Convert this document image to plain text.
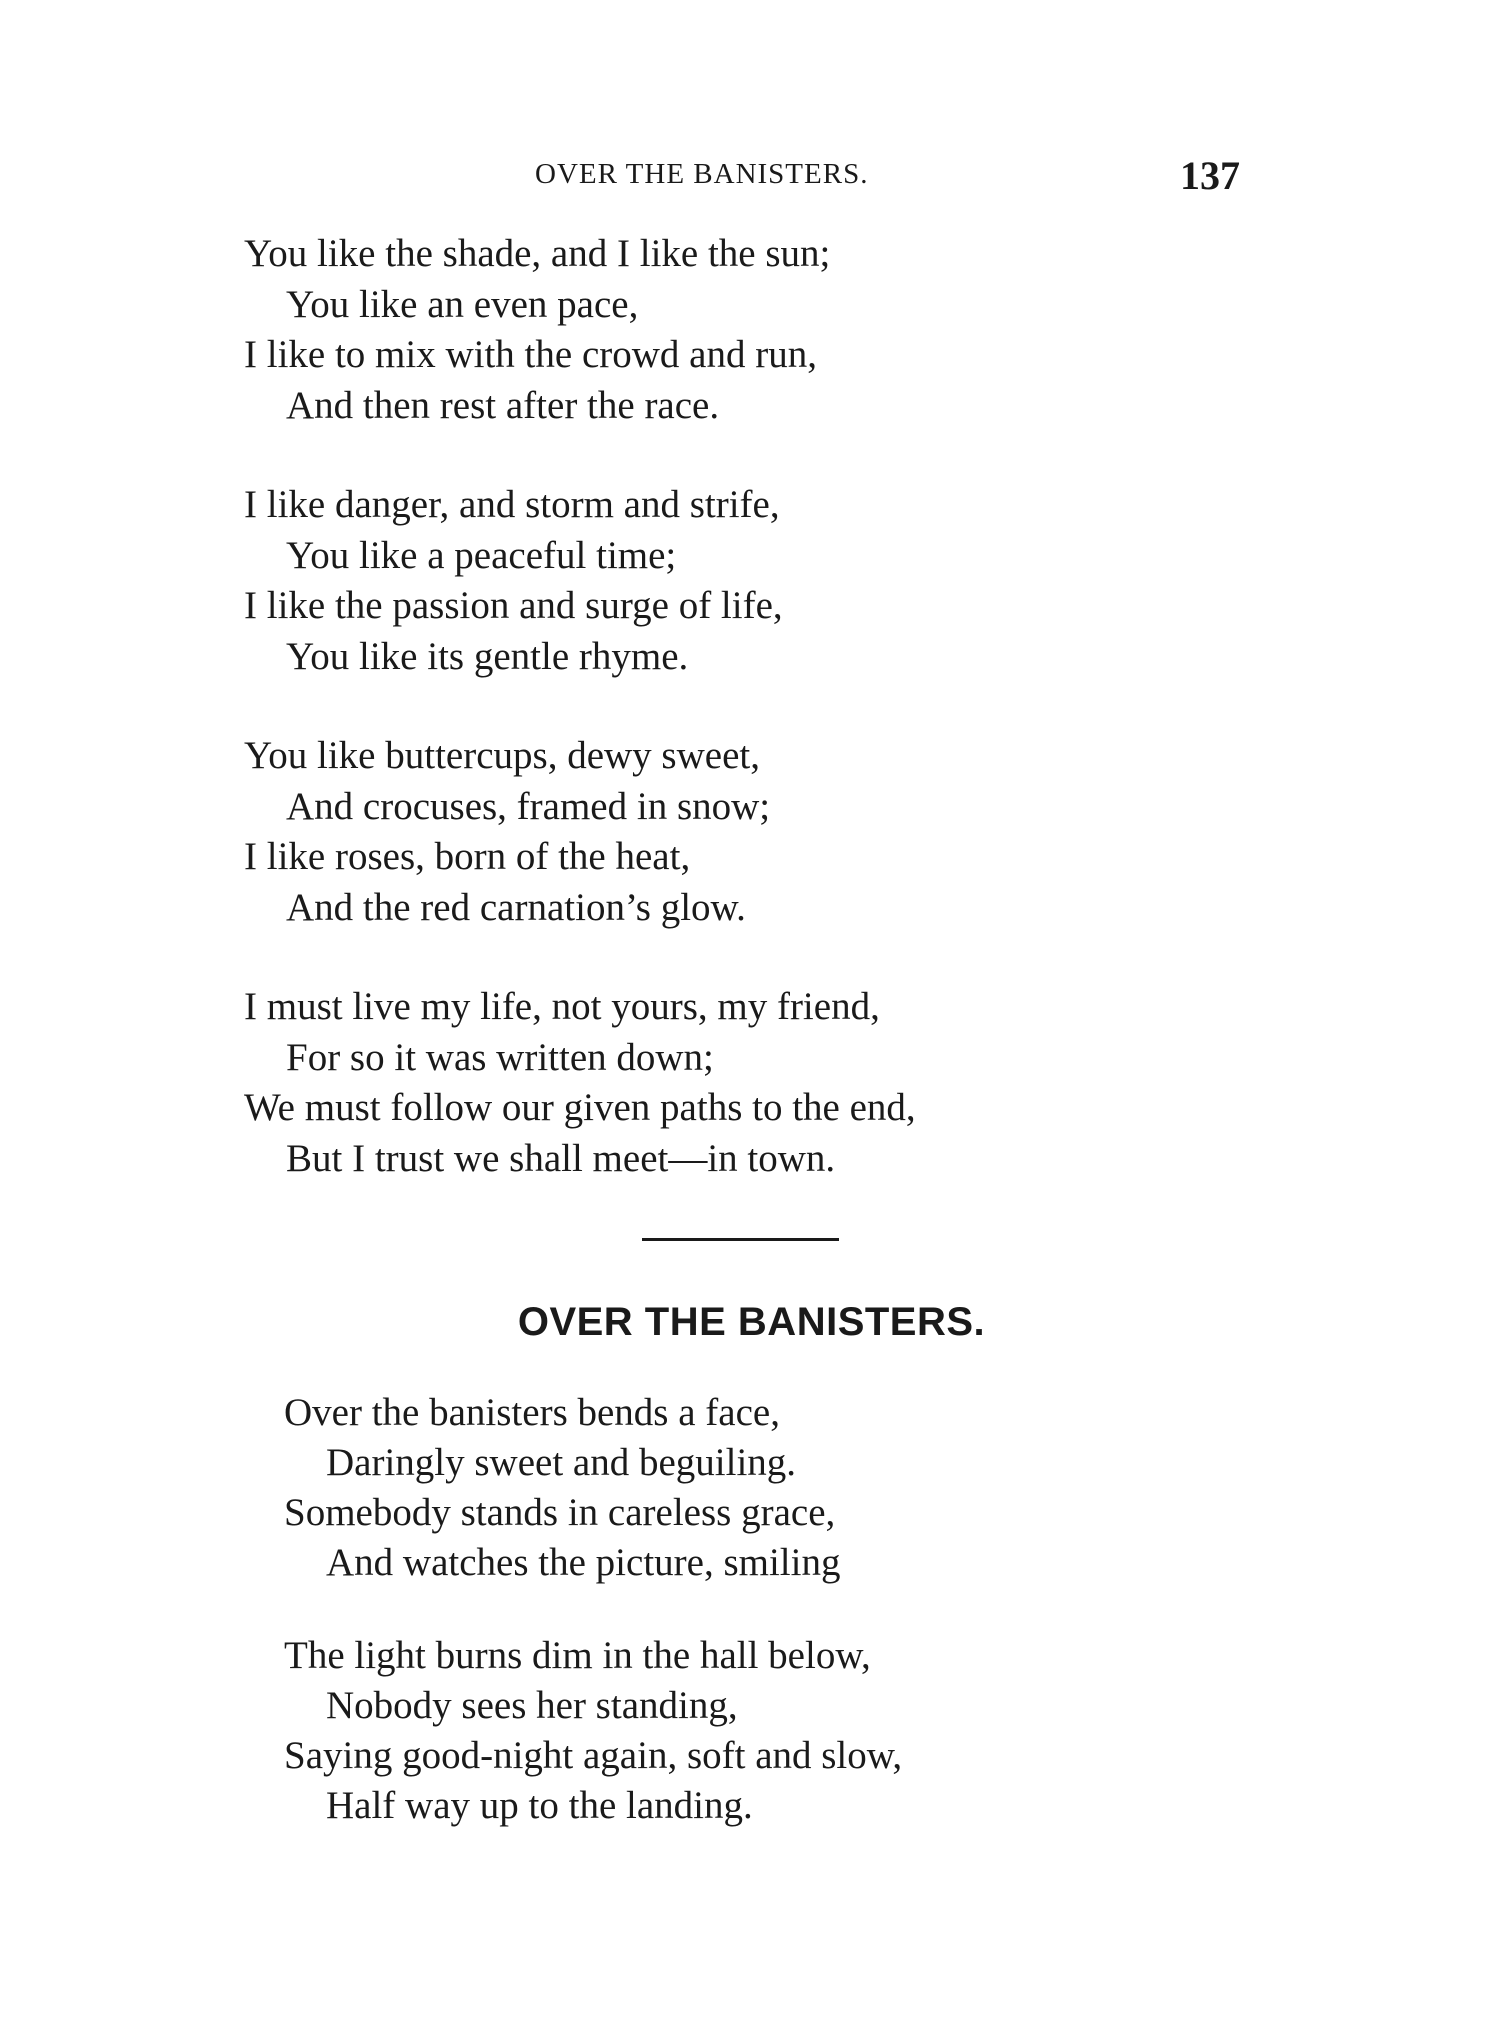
OVER THE BANISTERS.	137
You like the shade, and I like the sun;
You like an even pace,
I like to mix with the crowd and run,
And then rest after the race.
I like danger, and storm and strife,
You like a peaceful time;
I like the passion and surge of life,
You like its gentle rhyme.
You like buttercups, dewy sweet,
And crocuses, framed in snow;
I like roses, born of the heat,
And the red carnation’s glow.
I must live my life, not yours, my friend,
For so it was written down;
We must follow our given paths to the end,
But I trust we shall meet—in town.
OVER THE BANISTERS.
Over the banisters bends a face,
Daringly sweet and beguiling.
Somebody stands in careless grace,
And watches the picture, smiling
The light burns dim in the hall below,
Nobody sees her standing,
Saying good-night again, soft and slow,
Half way up to the landing.
